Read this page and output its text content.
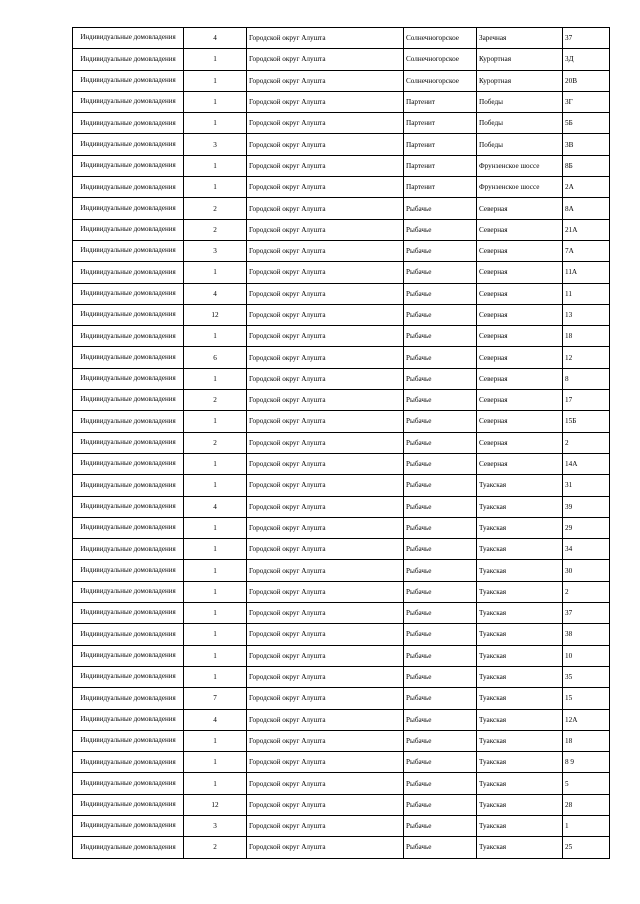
Индивидуальные домовладения	4	Городской округ Алушта	Солнечногорское	Заречная	37
Индивидуальные домовладения	1	Городской округ Алушта	Солнечногорское	Курортная	3Д
Индивидуальные домовладения	1	Городской округ Алушта	Солнечногорское	Курортная	20В
Индивидуальные домовладения	1	Городской округ Алушта	Партенит	Победы	3Г
Индивидуальные домовладения	1	Городской округ Алушта	Партенит	Победы	5Б
Индивидуальные домовладения	3	Городской округ Алушта	Партенит	Победы	3В
Индивидуальные домовладения	1	Городской округ Алушта	Партенит	Фрунзенское шоссе	8Б
Индивидуальные домовладения	1	Городской округ Алушта	Партенит	Фрунзенское шоссе	2А
Индивидуальные домовладения	2	Городской округ Алушта	Рыбачье	Северная	8А
Индивидуальные домовладения	2	Городской округ Алушта	Рыбачье	Северная	21А
Индивидуальные домовладения	3	Городской округ Алушта	Рыбачье	Северная	7А
Индивидуальные домовладения	1	Городской округ Алушта	Рыбачье	Северная	11А
Индивидуальные домовладения	4	Городской округ Алушта	Рыбачье	Северная	11
Индивидуальные домовладения	12	Городской округ Алушта	Рыбачье	Северная	13
Индивидуальные домовладения	1	Городской округ Алушта	Рыбачье	Северная	18
Индивидуальные домовладения	6	Городской округ Алушта	Рыбачье	Северная	12
Индивидуальные домовладения	1	Городской округ Алушта	Рыбачье	Северная	8
Индивидуальные домовладения	2	Городской округ Алушта	Рыбачье	Северная	17
Индивидуальные домовладения	1	Городской округ Алушта	Рыбачье	Северная	15Б
Индивидуальные домовладения	2	Городской округ Алушта	Рыбачье	Северная	2
Индивидуальные домовладения	1	Городской округ Алушта	Рыбачье	Северная	14А
Индивидуальные домовладения	1	Городской округ Алушта	Рыбачье	Туакская	31
Индивидуальные домовладения	4	Городской округ Алушта	Рыбачье	Туакская	39
Индивидуальные домовладения	1	Городской округ Алушта	Рыбачье	Туакская	29
Индивидуальные домовладения	1	Городской округ Алушта	Рыбачье	Туакская	34
Индивидуальные домовладения	1	Городской округ Алушта	Рыбачье	Туакская	30
Индивидуальные домовладения	1	Городской округ Алушта	Рыбачье	Туакская	2
Индивидуальные домовладения	1	Городской округ Алушта	Рыбачье	Туакская	37
Индивидуальные домовладения	1	Городской округ Алушта	Рыбачье	Туакская	38
Индивидуальные домовладения	1	Городской округ Алушта	Рыбачье	Туакская	10
Индивидуальные домовладения	1	Городской округ Алушта	Рыбачье	Туакская	35
Индивидуальные домовладения	7	Городской округ Алушта	Рыбачье	Туакская	15
Индивидуальные домовладения	4	Городской округ Алушта	Рыбачье	Туакская	12А
Индивидуальные домовладения	1	Городской округ Алушта	Рыбачье	Туакская	18
Индивидуальные домовладения	1	Городской округ Алушта	Рыбачье	Туакская	8 9
Индивидуальные домовладения	1	Городской округ Алушта	Рыбачье	Туакская	5
Индивидуальные домовладения	12	Городской округ Алушта	Рыбачье	Туакская	28
Индивидуальные домовладения	3	Городской округ Алушта	Рыбачье	Туакская	1
Индивидуальные домовладения	2	Городской округ Алушта	Рыбачье	Туакская	25
